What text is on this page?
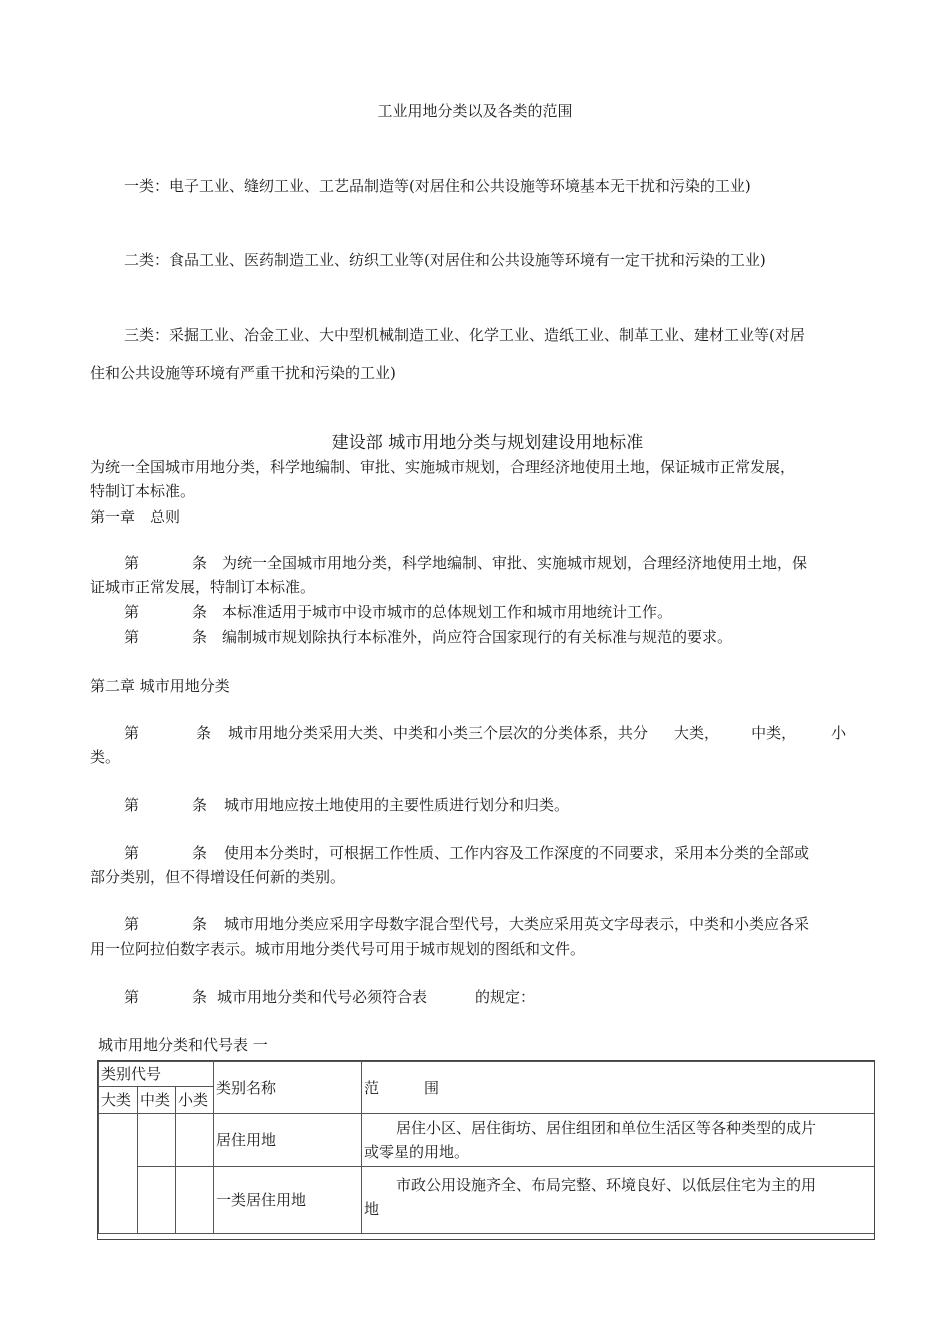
工业用地分类以及各类的范围
一类：电子工业、缝纫工业、工艺品制造等(对居住和公共设施等环境基本无干扰和污染的工业)
二类：食品工业、医药制造工业、纺织工业等(对居住和公共设施等环境有一定干扰和污染的工业)
三类：采掘工业、冶金工业、大中型机械制造工业、化学工业、造纸工业、制革工业、建材工业等(对居
住和公共设施等环境有严重干扰和污染的工业)
建设部 城市用地分类与规划建设用地标准
为统一全国城市用地分类，科学地编制、审批、实施城市规划，合理经济地使用土地，保证城市正常发展，
特制订本标准。
第一章　总则
第	条 为统一全国城市用地分类，科学地编制、审批、实施城市规划，合理经济地使用土地，保
证城市正常发展，特制订本标准。
第	条 本标准适用于城市中设市城市的总体规划工作和城市用地统计工作。
第	条 编制城市规划除执行本标准外，尚应符合国家现行的有关标准与规范的要求。
第二章 城市用地分类
第	条 城市用地分类采用大类、中类和小类三个层次的分类体系，共分 大类， 中类， 小
类。
第	条 城市用地应按土地使用的主要性质进行划分和归类。
第	条 使用本分类时，可根据工作性质、工作内容及工作深度的不同要求，采用本分类的全部或
部分类别，但不得增设任何新的类别。
第	条 城市用地分类应采用字母数字混合型代号，大类应采用英文字母表示，中类和小类应各采
用一位阿拉伯数字表示。城市用地分类代号可用于城市规划的图纸和文件。
第	条 城市用地分类和代号必须符合表	的规定：
城市用地分类和代号表 一
类别代号			类别名称	范　　　围
大类	中类	小类		
			居住用地	居住小区、居住街坊、居住组团和单位生活区等各种类型的成片
或零星的用地。

			一类居住用地	市政公用设施齐全、布局完整、环境良好、以低层住宅为主的用
地
